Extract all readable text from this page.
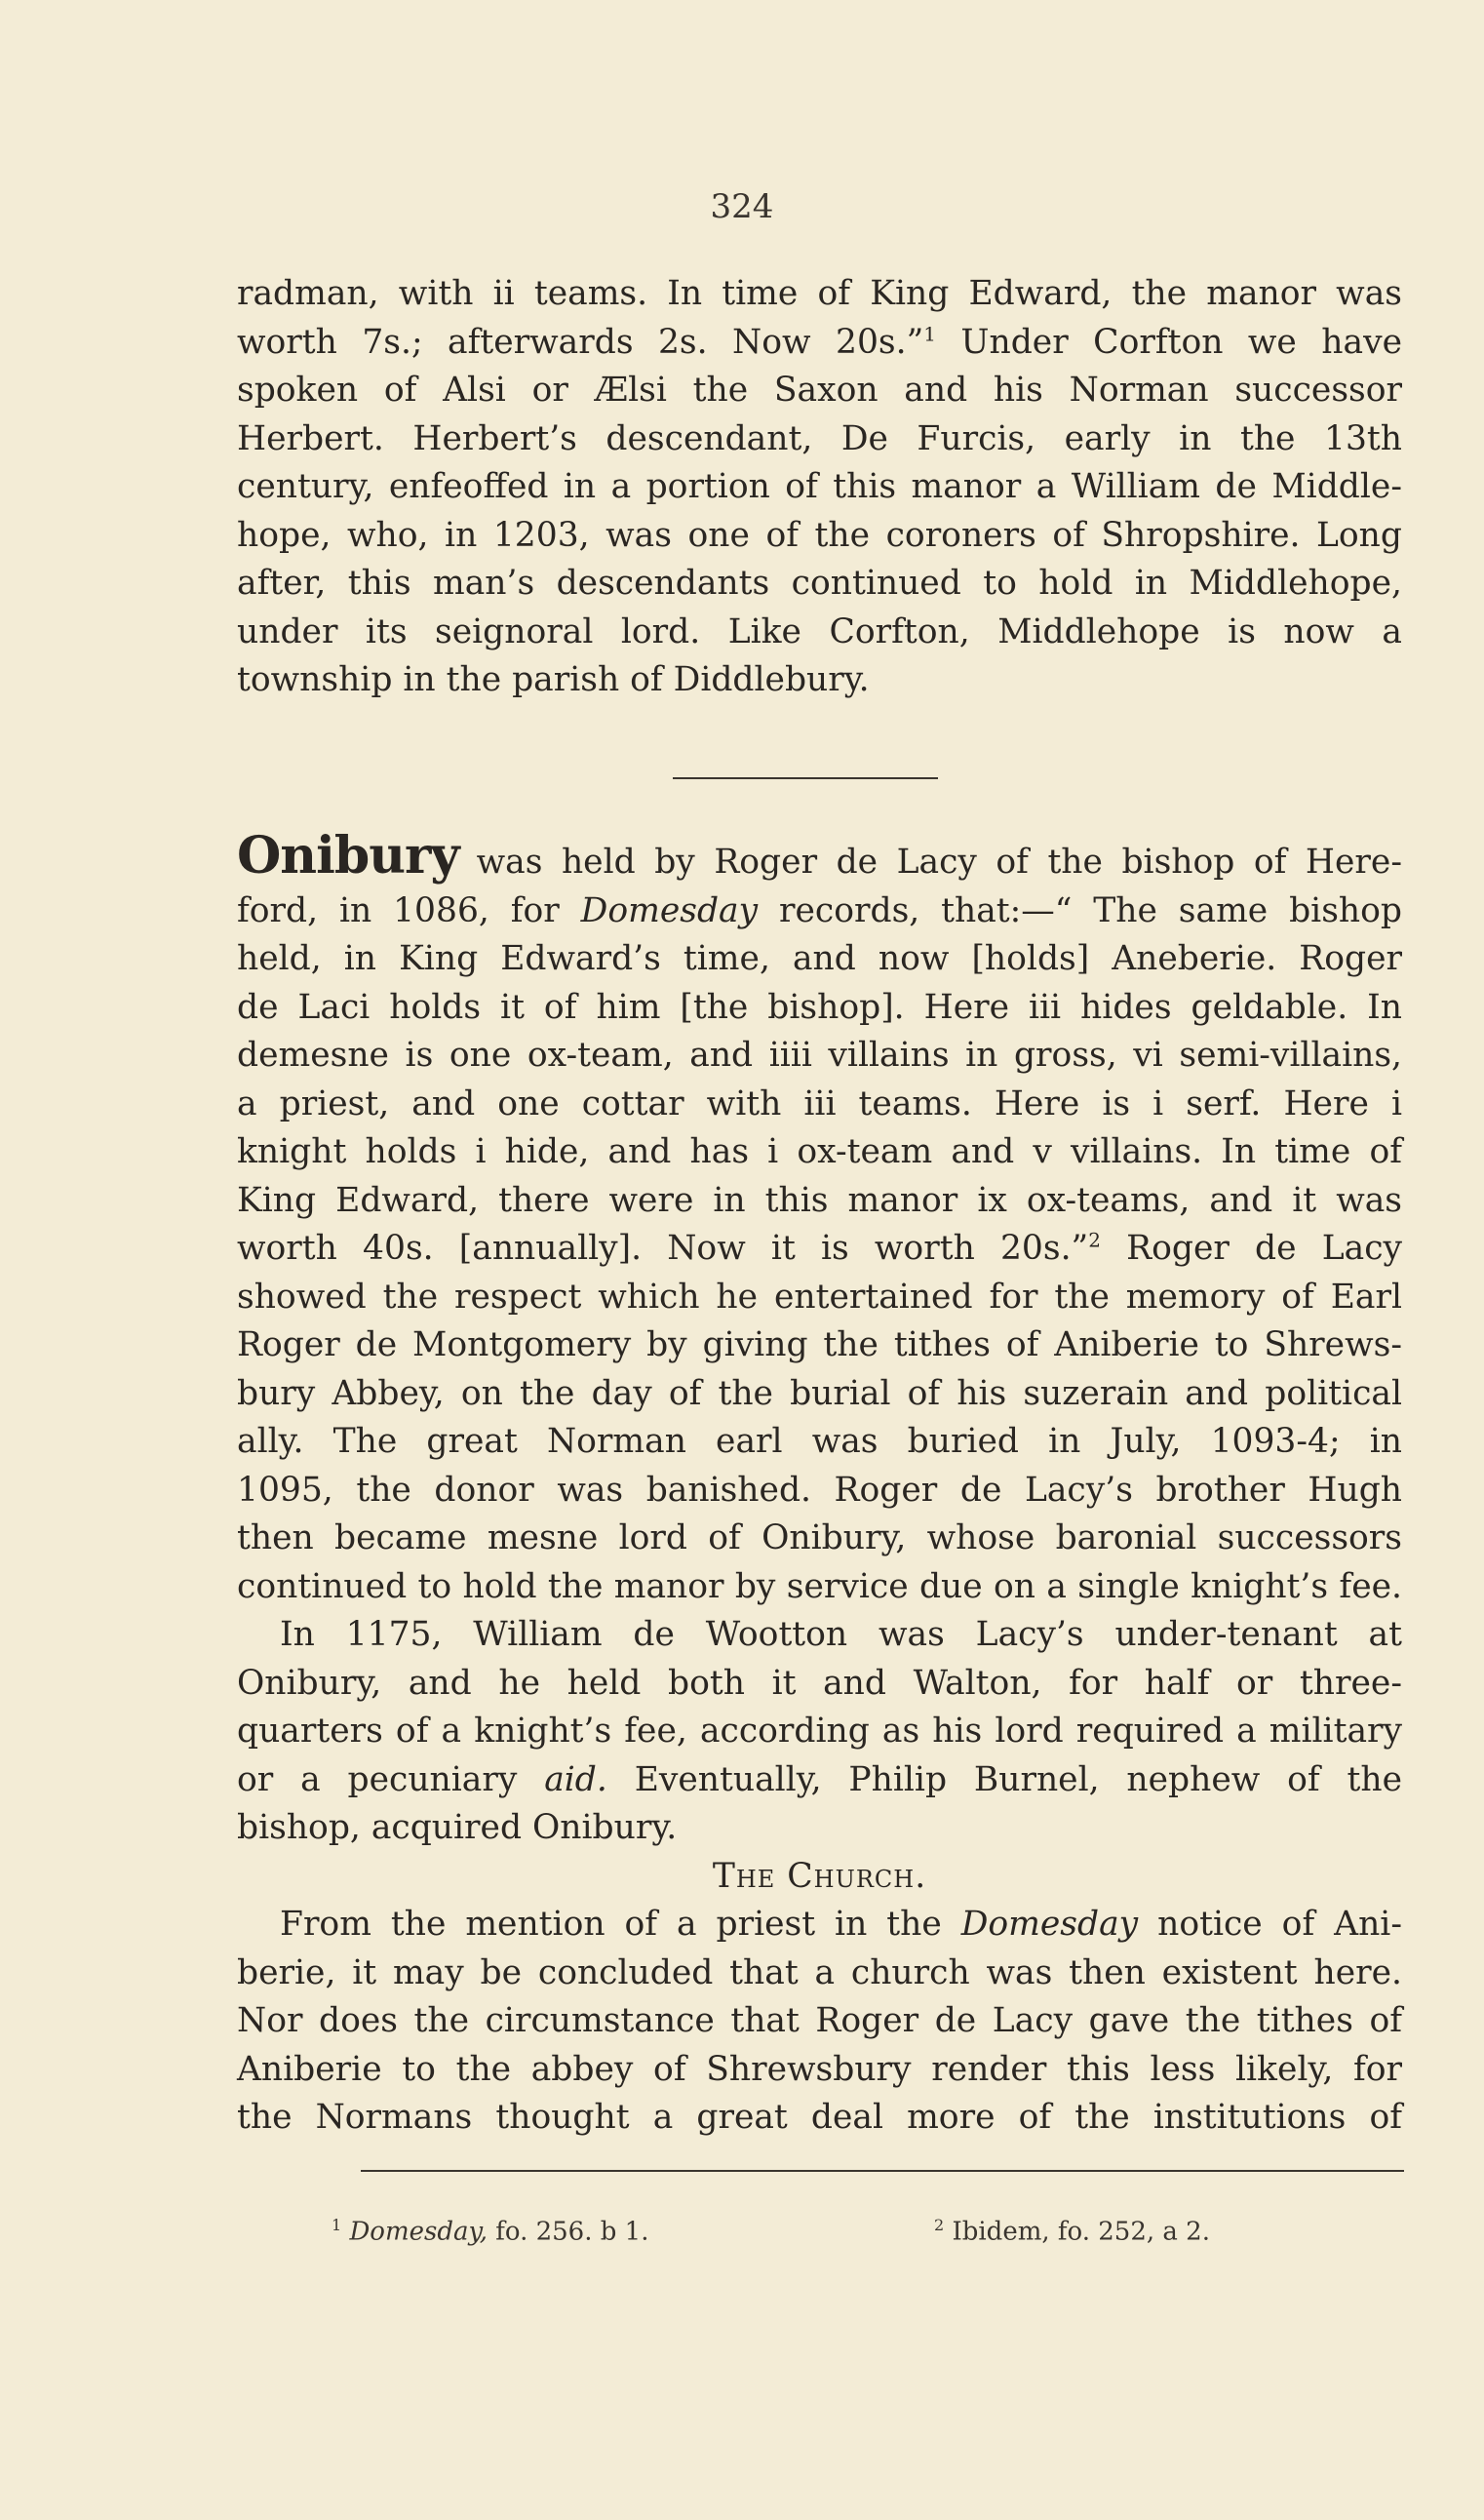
324
radman, with ii teams. In time of King Edward, the manor was
worth 7s.; afterwards 2s. Now 20s.”$^1$ Under Corfton we have
spoken of Alsi or Ælsi the Saxon and his Norman successor
Herbert. Herbert’s descendant, De Furcis, early in the 13th
century, enfeoffed in a portion of this manor a William de Middle-
hope, who, in 1203, was one of the coroners of Shropshire. Long
after, this man’s descendants continued to hold in Middlehope,
under its seignoral lord. Like Corfton, Middlehope is now a
township in the parish of Diddlebury.
Onibury was held by Roger de Lacy of the bishop of Here-
ford, in 1086, for Domesday records, that:—“ The same bishop
held, in King Edward’s time, and now [holds] Aneberie. Roger
de Laci holds it of him [the bishop]. Here iii hides geldable. In
demesne is one ox-team, and iiii villains in gross, vi semi-villains,
a priest, and one cottar with iii teams. Here is i serf. Here i
knight holds i hide, and has i ox-team and v villains. In time of
King Edward, there were in this manor ix ox-teams, and it was
worth 40s. [annually]. Now it is worth 20s.”$^2$ Roger de Lacy
showed the respect which he entertained for the memory of Earl
Roger de Montgomery by giving the tithes of Aniberie to Shrews-
bury Abbey, on the day of the burial of his suzerain and political
ally. The great Norman earl was buried in July, 1093-4; in
1095, the donor was banished. Roger de Lacy’s brother Hugh
then became mesne lord of Onibury, whose baronial successors
continued to hold the manor by service due on a single knight’s fee.
In 1175, William de Wootton was Lacy’s under-tenant at
Onibury, and he held both it and Walton, for half or three-
quarters of a knight’s fee, according as his lord required a military
or a pecuniary aid. Eventually, Philip Burnel, nephew of the
bishop, acquired Onibury.
The Church.
From the mention of a priest in the Domesday notice of Ani-
berie, it may be concluded that a church was then existent here.
Nor does the circumstance that Roger de Lacy gave the tithes of
Aniberie to the abbey of Shrewsbury render this less likely, for
the Normans thought a great deal more of the institutions of
$^1$ Domesday, fo. 256. b 1.	$^2$ Ibidem, fo. 252, a 2.
